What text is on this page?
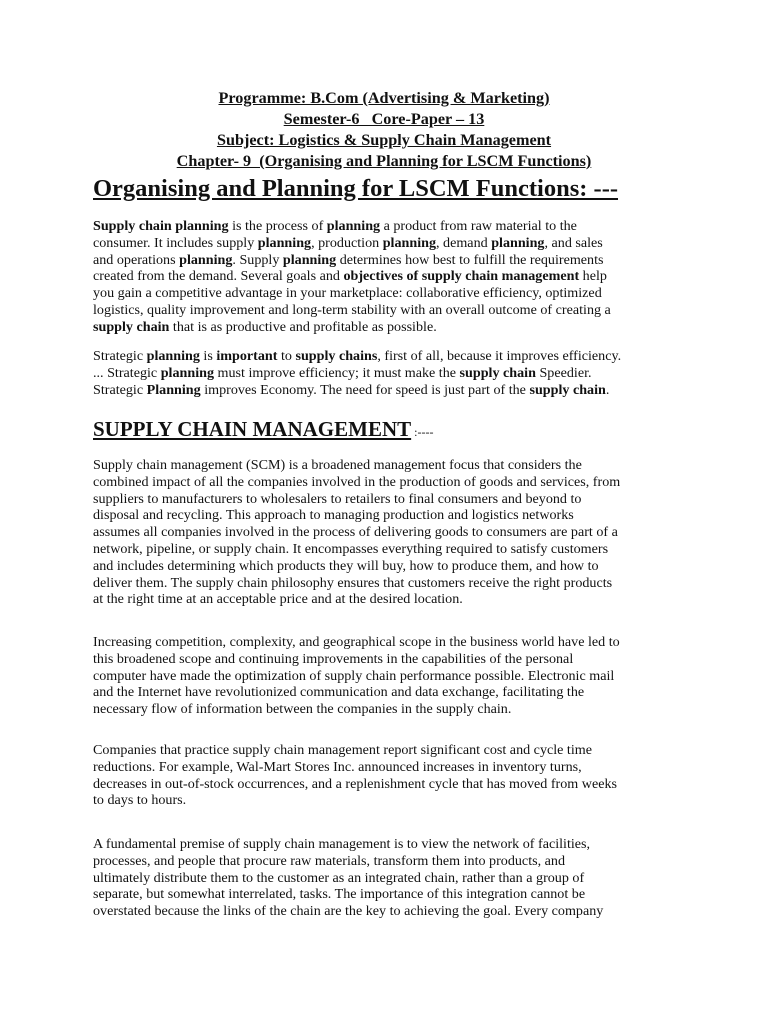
Programme: B.Com (Advertising & Marketing)
Semester-6   Core-Paper – 13
Subject: Logistics & Supply Chain Management
Chapter- 9  (Organising and Planning for LSCM Functions)
Organising and Planning for LSCM Functions: ---
Supply chain planning is the process of planning a product from raw material to the
consumer. It includes supply planning, production planning, demand planning, and sales
and operations planning. Supply planning determines how best to fulfill the requirements
created from the demand. Several goals and objectives of supply chain management help
you gain a competitive advantage in your marketplace: collaborative efficiency, optimized
logistics, quality improvement and long-term stability with an overall outcome of creating a
supply chain that is as productive and profitable as possible.
Strategic planning is important to supply chains, first of all, because it improves efficiency.
... Strategic planning must improve efficiency; it must make the supply chain Speedier.
Strategic Planning improves Economy. The need for speed is just part of the supply chain.
SUPPLY CHAIN MANAGEMENT :----
Supply chain management (SCM) is a broadened management focus that considers the
combined impact of all the companies involved in the production of goods and services, from
suppliers to manufacturers to wholesalers to retailers to final consumers and beyond to
disposal and recycling. This approach to managing production and logistics networks
assumes all companies involved in the process of delivering goods to consumers are part of a
network, pipeline, or supply chain. It encompasses everything required to satisfy customers
and includes determining which products they will buy, how to produce them, and how to
deliver them. The supply chain philosophy ensures that customers receive the right products
at the right time at an acceptable price and at the desired location.
Increasing competition, complexity, and geographical scope in the business world have led to
this broadened scope and continuing improvements in the capabilities of the personal
computer have made the optimization of supply chain performance possible. Electronic mail
and the Internet have revolutionized communication and data exchange, facilitating the
necessary flow of information between the companies in the supply chain.
Companies that practice supply chain management report significant cost and cycle time
reductions. For example, Wal-Mart Stores Inc. announced increases in inventory turns,
decreases in out-of-stock occurrences, and a replenishment cycle that has moved from weeks
to days to hours.
A fundamental premise of supply chain management is to view the network of facilities,
processes, and people that procure raw materials, transform them into products, and
ultimately distribute them to the customer as an integrated chain, rather than a group of
separate, but somewhat interrelated, tasks. The importance of this integration cannot be
overstated because the links of the chain are the key to achieving the goal. Every company
